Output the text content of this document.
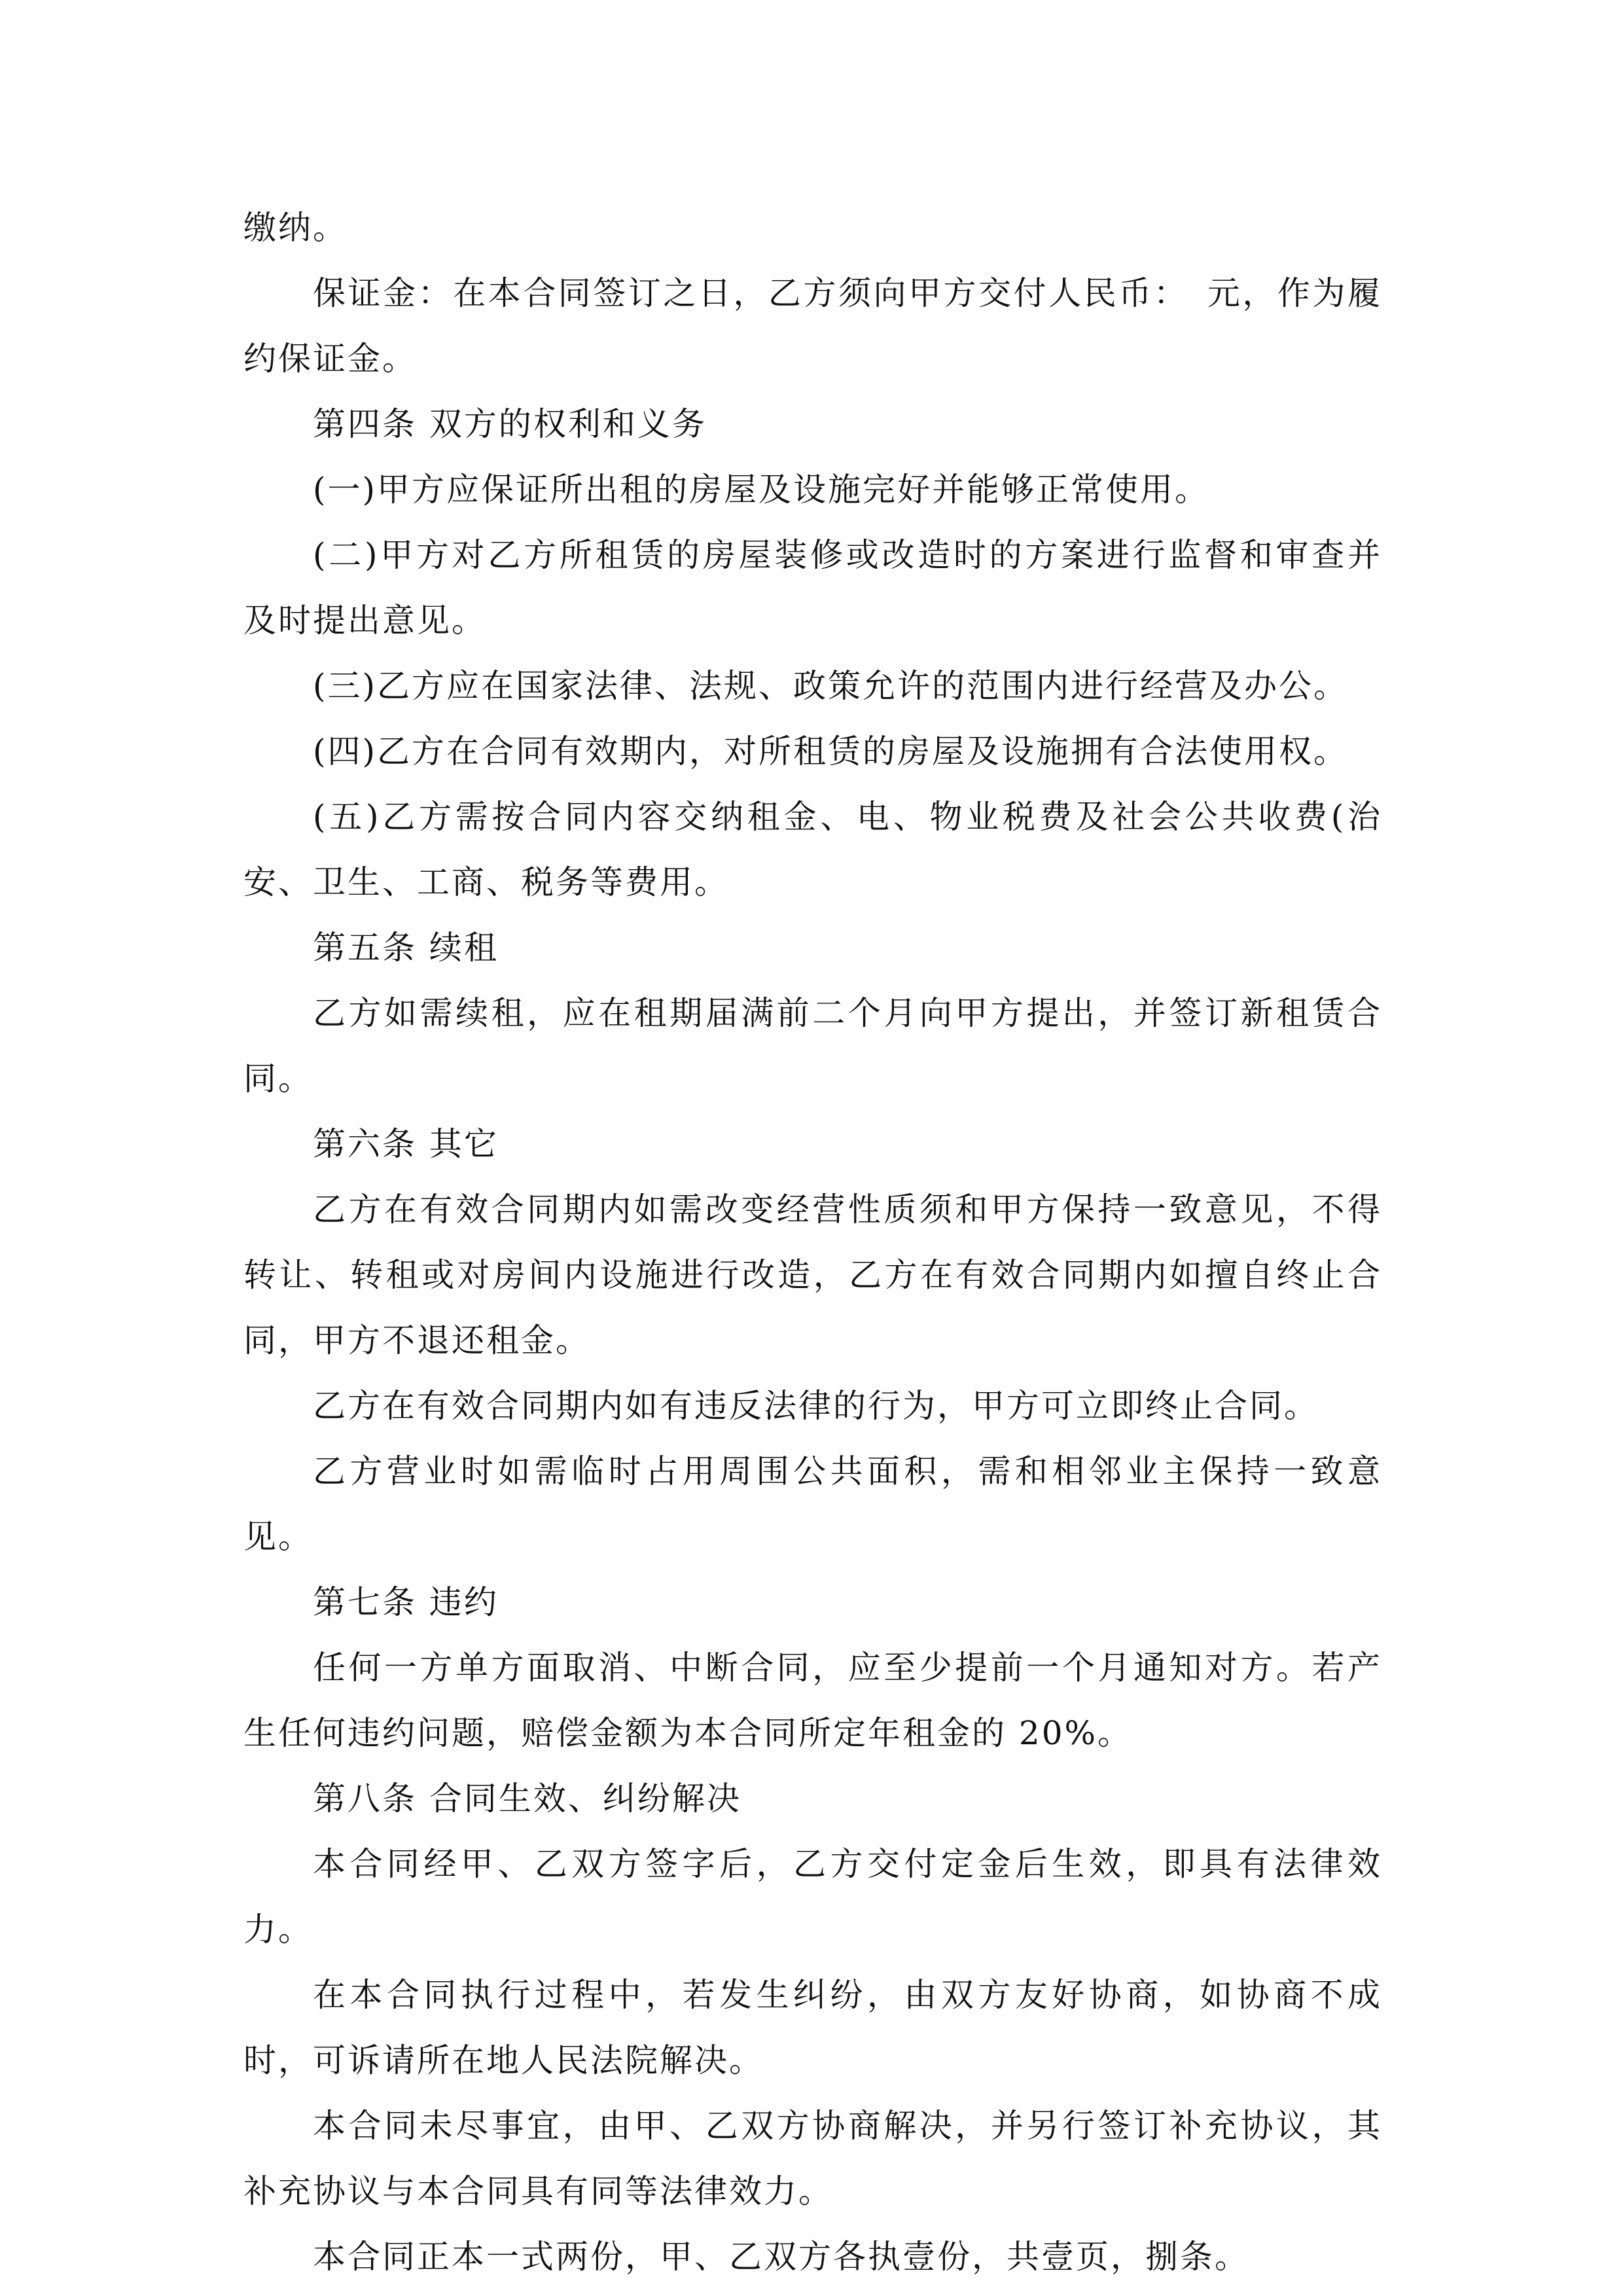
缴纳。

保证金：在本合同签订之日，乙方须向甲方交付人民币：　元，作为履约保证金。

第四条 双方的权利和义务

(一)甲方应保证所出租的房屋及设施完好并能够正常使用。

(二)甲方对乙方所租赁的房屋装修或改造时的方案进行监督和审查并及时提出意见。

(三)乙方应在国家法律、法规、政策允许的范围内进行经营及办公。

(四)乙方在合同有效期内，对所租赁的房屋及设施拥有合法使用权。

(五)乙方需按合同内容交纳租金、电、物业税费及社会公共收费(治安、卫生、工商、税务等费用。

第五条 续租

乙方如需续租，应在租期届满前二个月向甲方提出，并签订新租赁合同。

第六条 其它

乙方在有效合同期内如需改变经营性质须和甲方保持一致意见，不得转让、转租或对房间内设施进行改造，乙方在有效合同期内如擅自终止合同，甲方不退还租金。

乙方在有效合同期内如有违反法律的行为，甲方可立即终止合同。

乙方营业时如需临时占用周围公共面积，需和相邻业主保持一致意见。

第七条 违约

任何一方单方面取消、中断合同，应至少提前一个月通知对方。若产生任何违约问题，赔偿金额为本合同所定年租金的 20%。

第八条 合同生效、纠纷解决

本合同经甲、乙双方签字后，乙方交付定金后生效，即具有法律效力。

在本合同执行过程中，若发生纠纷，由双方友好协商，如协商不成时，可诉请所在地人民法院解决。

本合同未尽事宜，由甲、乙双方协商解决，并另行签订补充协议，其补充协议与本合同具有同等法律效力。

本合同正本一式两份，甲、乙双方各执壹份，共壹页，捌条。
